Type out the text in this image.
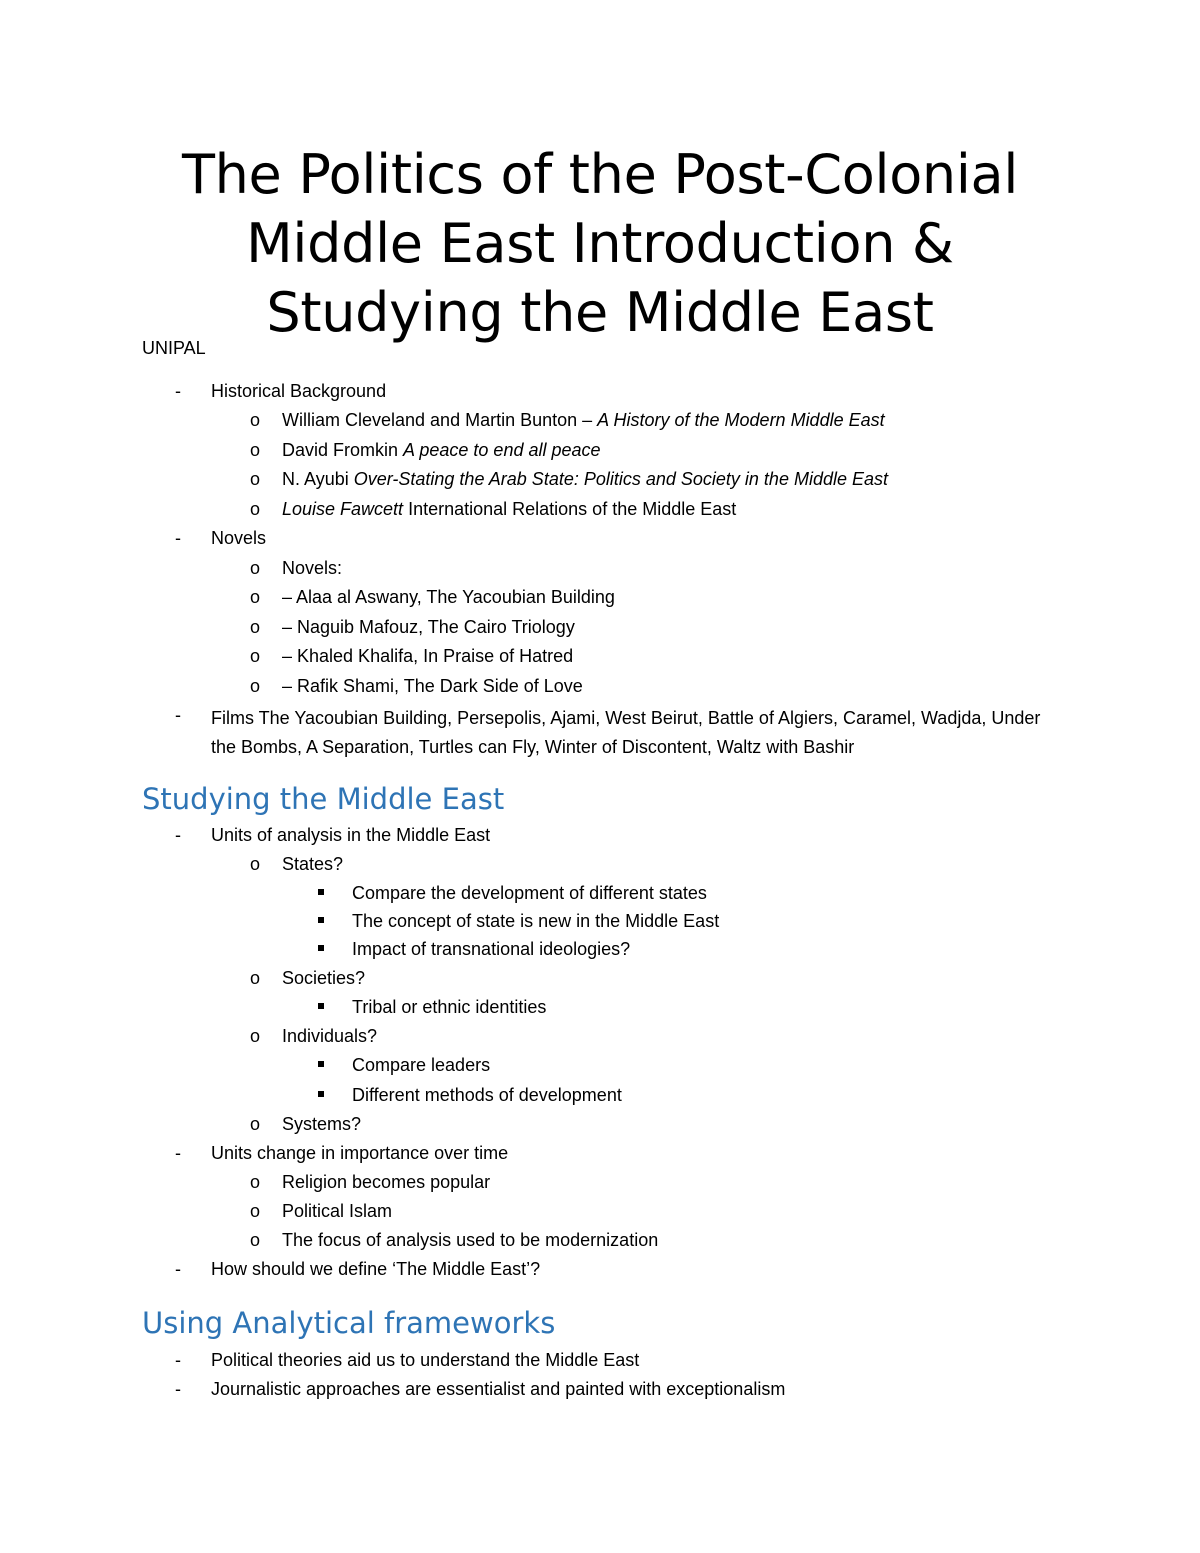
The Politics of the Post-Colonial
Middle East Introduction &
Studying the Middle East
UNIPAL
- Historical Background
o William Cleveland and Martin Bunton – A History of the Modern Middle East
o David Fromkin A peace to end all peace
o N. Ayubi Over-Stating the Arab State: Politics and Society in the Middle East
o Louise Fawcett International Relations of the Middle East
- Novels
o Novels:
o – Alaa al Aswany, The Yacoubian Building
o – Naguib Mafouz, The Cairo Triology
o – Khaled Khalifa, In Praise of Hatred
o – Rafik Shami, The Dark Side of Love
- Films The Yacoubian Building, Persepolis, Ajami, West Beirut, Battle of Algiers, Caramel, Wadjda, Under the Bombs, A Separation, Turtles can Fly, Winter of Discontent, Waltz with Bashir
Studying the Middle East
- Units of analysis in the Middle East
o States?
Compare the development of different states
The concept of state is new in the Middle East
Impact of transnational ideologies?
o Societies?
Tribal or ethnic identities
o Individuals?
Compare leaders
Different methods of development
o Systems?
- Units change in importance over time
o Religion becomes popular
o Political Islam
o The focus of analysis used to be modernization
- How should we define ‘The Middle East’?
Using Analytical frameworks
- Political theories aid us to understand the Middle East
- Journalistic approaches are essentialist and painted with exceptionalism
